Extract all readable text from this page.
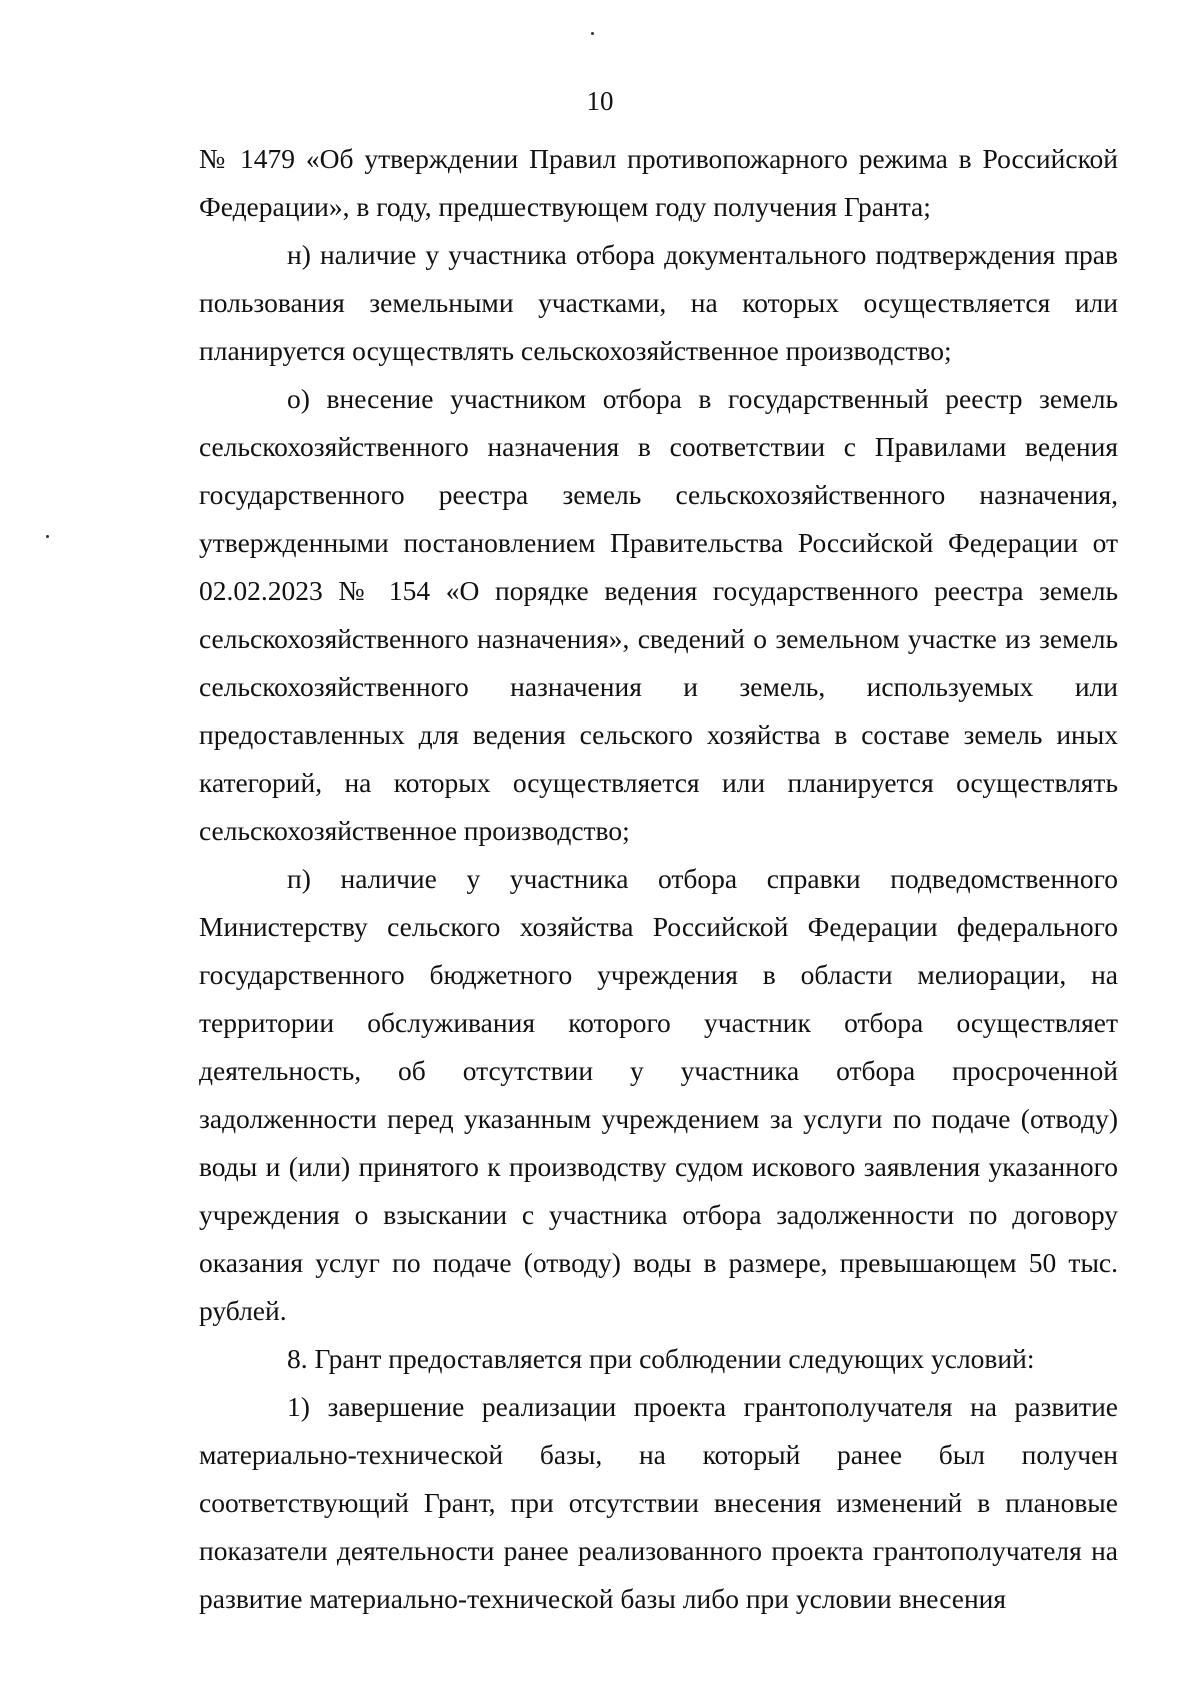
10

№ 1479 «Об утверждении Правил противопожарного режима в Российской Федерации», в году, предшествующем году получения Гранта;

н) наличие у участника отбора документального подтверждения прав пользования земельными участками, на которых осуществляется или планируется осуществлять сельскохозяйственное производство;

о) внесение участником отбора в государственный реестр земель сельскохозяйственного назначения в соответствии с Правилами ведения государственного реестра земель сельскохозяйственного назначения, утвержденными постановлением Правительства Российской Федерации от 02.02.2023 № 154 «О порядке ведения государственного реестра земель сельскохозяйственного назначения», сведений о земельном участке из земель сельскохозяйственного назначения и земель, используемых или предоставленных для ведения сельского хозяйства в составе земель иных категорий, на которых осуществляется или планируется осуществлять сельскохозяйственное производство;

п) наличие у участника отбора справки подведомственного Министерству сельского хозяйства Российской Федерации федерального государственного бюджетного учреждения в области мелиорации, на территории обслуживания которого участник отбора осуществляет деятельность, об отсутствии у участника отбора просроченной задолженности перед указанным учреждением за услуги по подаче (отводу) воды и (или) принятого к производству судом искового заявления указанного учреждения о взыскании с участника отбора задолженности по договору оказания услуг по подаче (отводу) воды в размере, превышающем 50 тыс. рублей.

8. Грант предоставляется при соблюдении следующих условий:

1) завершение реализации проекта грантополучателя на развитие материально-технической базы, на который ранее был получен соответствующий Грант, при отсутствии внесения изменений в плановые показатели деятельности ранее реализованного проекта грантополучателя на развитие материально-технической базы либо при условии внесения
